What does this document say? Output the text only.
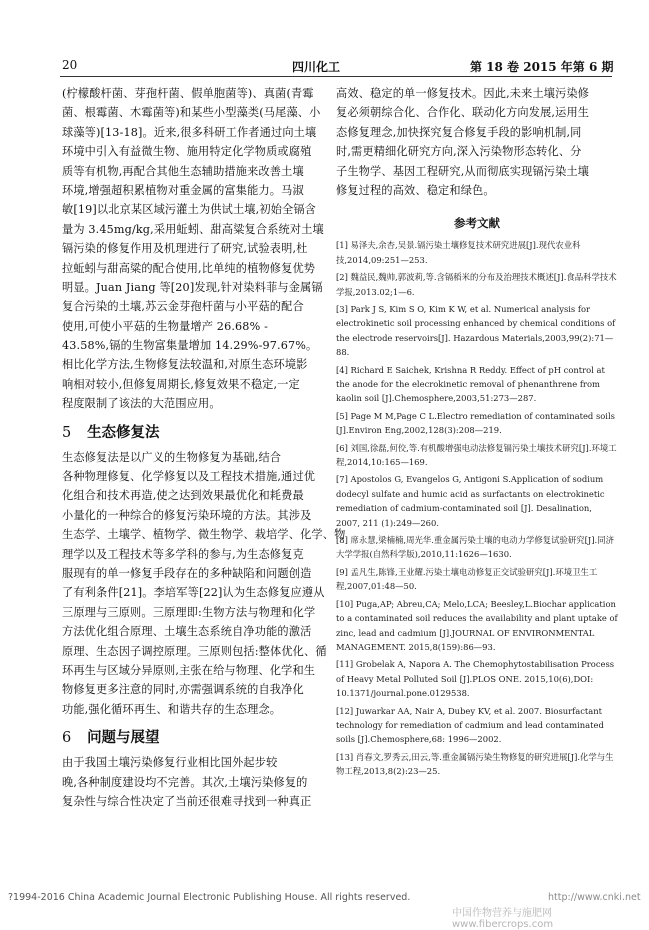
20	四川化工	第 18 卷 2015 年第 6 期
(柠檬酸杆菌、芽孢杆菌、假单胞菌等)、真菌(青霉
菌、根霉菌、木霉菌等)和某些小型藻类(马尾藻、小
球藻等)[13-18]。近来,很多科研工作者通过向土壤
环境中引入有益微生物、施用特定化学物质或腐殖
质等有机物,再配合其他生态辅助措施来改善土壤
环境,增强超积累植物对重金属的富集能力。马淑
敏[19]以北京某区域污灌土为供试土壤,初始全镉含
量为 3.45mg/kg,采用蚯蚓、甜高粱复合系统对土壤
镉污染的修复作用及机理进行了研究,试验表明,杜
拉蚯蚓与甜高粱的配合使用,比单纯的植物修复优势
明显。Juan Jiang 等[20]发现,针对染料菲与金属镉
复合污染的土壤,苏云金芽孢杆菌与小平菇的配合
使用,可使小平菇的生物量增产 26.68% -
43.58%,镉的生物富集量增加 14.29%-97.67%。
相比化学方法,生物修复法较温和,对原生态环境影
响相对较小,但修复周期长,修复效果不稳定,一定
程度限制了该法的大范围应用。
5 生态修复法
生态修复法是以广义的生物修复为基础,结合
各种物理修复、化学修复以及工程技术措施,通过优
化组合和技术再造,使之达到效果最优化和耗费最
小量化的一种综合的修复污染环境的方法。其涉及
生态学、土壤学、植物学、微生物学、栽培学、化学、物
理学以及工程技术等多学科的参与,为生态修复克
服现有的单一修复手段存在的多种缺陷和问题创造
了有利条件[21]。李培军等[22]认为生态修复应遵从
三原理与三原则。三原理即:生物方法与物理和化学
方法优化组合原理、土壤生态系统自净功能的激活
原理、生态因子调控原理。三原则包括:整体优化、循
环再生与区域分异原则,主张在给与物理、化学和生
物修复更多注意的同时,亦需强调系统的自我净化
功能,强化循环再生、和谐共存的生态理念。
6 问题与展望
由于我国土壤污染修复行业相比国外起步较
晚,各种制度建设均不完善。其次,土壤污染修复的
复杂性与综合性决定了当前还很难寻找到一种真正
高效、稳定的单一修复技术。因此,未来土壤污染修
复必须朝综合化、合作化、联动化方向发展,运用生
态修复理念,加快探究复合修复手段的影响机制,同
时,需更精细化研究方向,深入污染物形态转化、分
子生物学、基因工程研究,从而彻底实现镉污染土壤
修复过程的高效、稳定和绿色。
参考文献
[1] 易泽夫,余杏,吴景.镉污染土壤修复技术研究进展[J].现代农业科技,2014,09:251—253.
[2] 魏益民,魏帅,郭波莉,等.含镉稻米的分布及治理技术概述[J].食品科学技术学报,2013.02;1—6.
[3] Park J S, Kim S O, Kim K W, et al. Numerical analysis for electrokinetic soil processing enhanced by chemical conditions of the electrode reservoirs[J]. Hazardous Materials,2003,99(2):71—88.
[4] Richard E Saichek, Krishna R Reddy. Effect of pH control at the anode for the elecrokinetic removal of phenanthrene from kaolin soil [J].Chemosphere,2003,51:273—287.
[5] Page M M,Page C L.Electro remediation of contaminated soils [J].Environ Eng,2002,128(3):208—219.
[6] 刘国,徐磊,何佼,等.有机酸增强电动法修复镉污染土壤技术研究[J].环境工程,2014,10:165—169.
[7] Apostolos G, Evangelos G, Antigoni S.Application of sodium dodecyl sulfate and humic acid as surfactants on electrokinetic remediation of cadmium-contaminated soil [J]. Desalination, 2007, 211 (1):249—260.
[8] 席永慧,梁楠楠,周光华.重金属污染土壤的电动力学修复试验研究[J].同济大学学报(自然科学版),2010,11:1626—1630.
[9] 孟凡生,陈锋,王业耀.污染土壤电动修复正交试验研究[J].环境卫生工程,2007,01:48—50.
[10] Puga,AP; Abreu,CA; Melo,LCA; Beesley,L.Biochar application to a contaminated soil reduces the availability and plant uptake of zinc, lead and cadmium [J].JOURNAL OF ENVIRONMENTAL MANAGEMENT. 2015,8(159):86—93.
[11] Grobelak A, Napora A. The Chemophytostabilisation Process of Heavy Metal Polluted Soil [J].PLOS ONE. 2015,10(6),DOI: 10.1371/journal.pone.0129538.
[12] Juwarkar AA, Nair A, Dubey KV, et al. 2007. Biosurfactant technology for remediation of cadmium and lead contaminated soils [J].Chemosphere,68: 1996—2002.
[13] 肖春文,罗秀云,田云,等.重金属镉污染生物修复的研究进展[J].化学与生物工程,2013,8(2):23—25.
?1994-2016 China Academic Journal Electronic Publishing House. All rights reserved.	http://www.cnki.net
中国作物营养与施肥网 www.fibercrops.com
